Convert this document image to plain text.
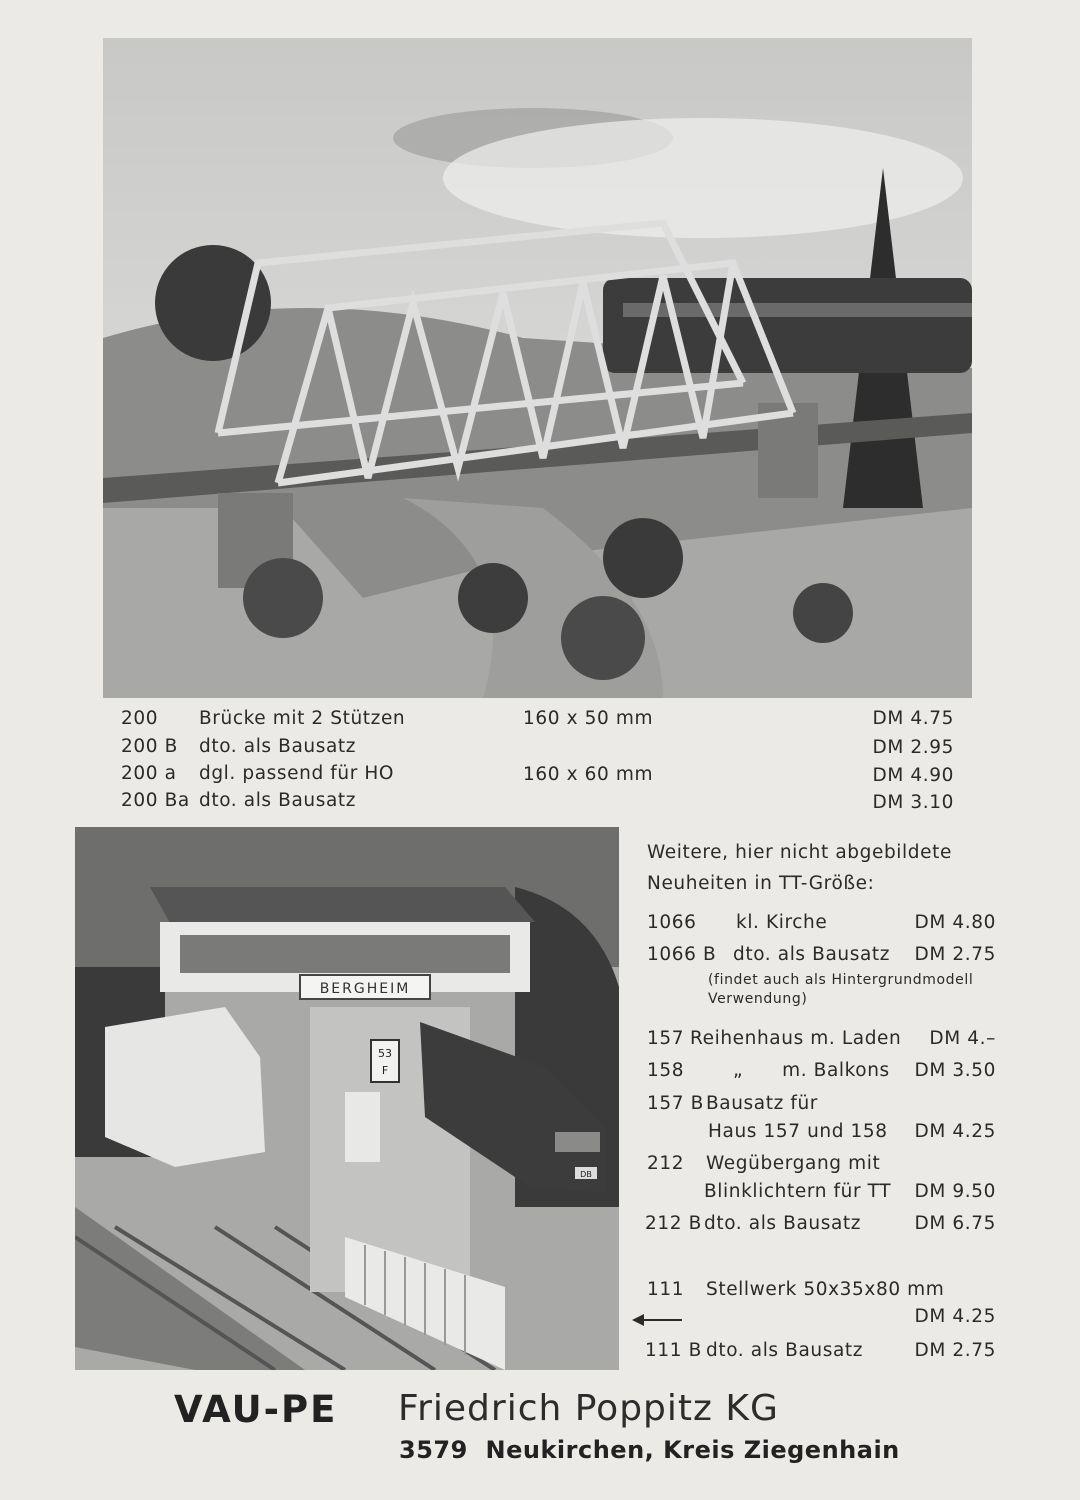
200 Brücke mit 2 Stützen	160 x 50 mm	DM 4.75
200 B dto. als Bausatz	DM 2.95
200 a dgl. passend für HO	160 x 60 mm	DM 4.90
200 Ba dto. als Bausatz	DM 3.10
53
F
BERGHEIM
DB
Weitere, hier nicht abgebildete
Neuheiten in TT-Größe:
1066 kl. Kirche	DM 4.80
1066 B dto. als Bausatz DM 2.75
(findet auch als Hintergrundmodell
Verwendung)
157 Reihenhaus m. Laden DM 4.–
158	„      m. Balkons DM 3.50
157 B Bausatz für
Haus 157 und 158 DM 4.25
212 Wegübergang mit
Blinklichtern für TT DM 9.50
212 B dto. als Bausatz	DM 6.75
111 Stellwerk 50x35x80 mm
DM 4.25
111 B dto. als Bausatz	DM 2.75
VAU-PE Friedrich Poppitz KG
3579  Neukirchen, Kreis Ziegenhain
